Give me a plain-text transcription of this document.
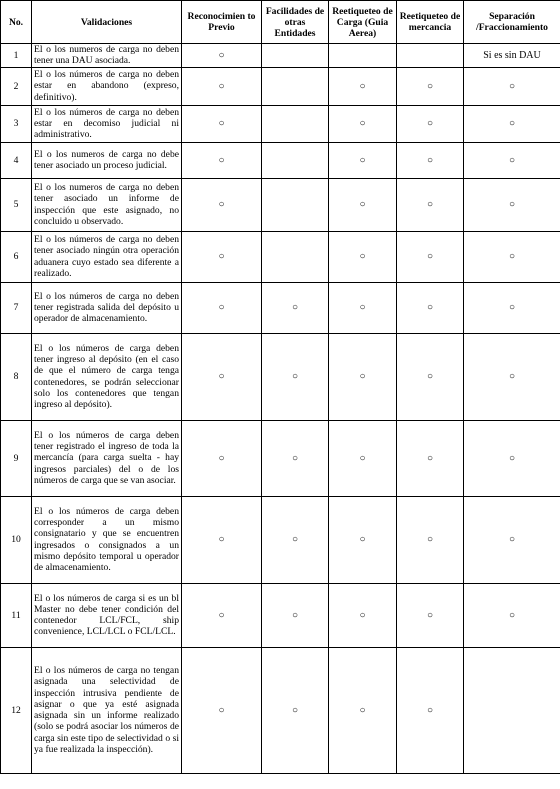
No.	Validaciones	Reconocimien to Previo	Facilidades de otras Entidades	Reetiqueteo de Carga (Guia Aerea)	Reetiqueteo de mercancia	Separación /Fraccionamiento
1	El o los numeros de carga no deben tener una DAU asociada.	○				Si es sin DAU
2	El o los números de carga no deben estar en abandono (expreso, definitivo).	○		○	○	○
3	El o los números de carga no deben estar en decomiso judicial ni administrativo.	○		○	○	○
4	El o los numeros de carga no debe tener asociado un proceso judicial.	○		○	○	○
5	El o los numeros de carga no deben tener asociado un informe de inspección que este asignado, no concluido u observado.	○		○	○	○
6	El o los números de carga no deben tener asociado ningún otra operación aduanera cuyo estado sea diferente a realizado.	○		○	○	○
7	El o los números de carga no deben tener registrada salida del depósito u operador de almacenamiento.	○	○	○	○	○
8	El o los números de carga deben tener ingreso al depósito (en el caso de que el número de carga tenga contenedores, se podrán seleccionar solo los contenedores que tengan ingreso al depósito).	○	○	○	○	○
9	El o los números de carga deben tener registrado el ingreso de toda la mercancía (para carga suelta - hay ingresos parciales) del o de los números de carga que se van asociar.	○	○	○	○	○
10	El o los números de carga deben corresponder a un mismo consignatario y que se encuentren ingresados o consignados a un mismo depósito temporal u operador de almacenamiento.	○	○	○	○	○
11	El o los números de carga si es un bl Master no debe tener condición del contenedor LCL/FCL, ship convenience, LCL/LCL o FCL/LCL.	○	○	○	○	○
12	El o los números de carga no tengan asignada una selectividad de inspección intrusiva pendiente de asignar o que ya esté asignada asignada sin un informe realizado (solo se podrá asociar los números de carga sin este tipo de selectividad o si ya fue realizada la inspección).	○	○	○	○	
